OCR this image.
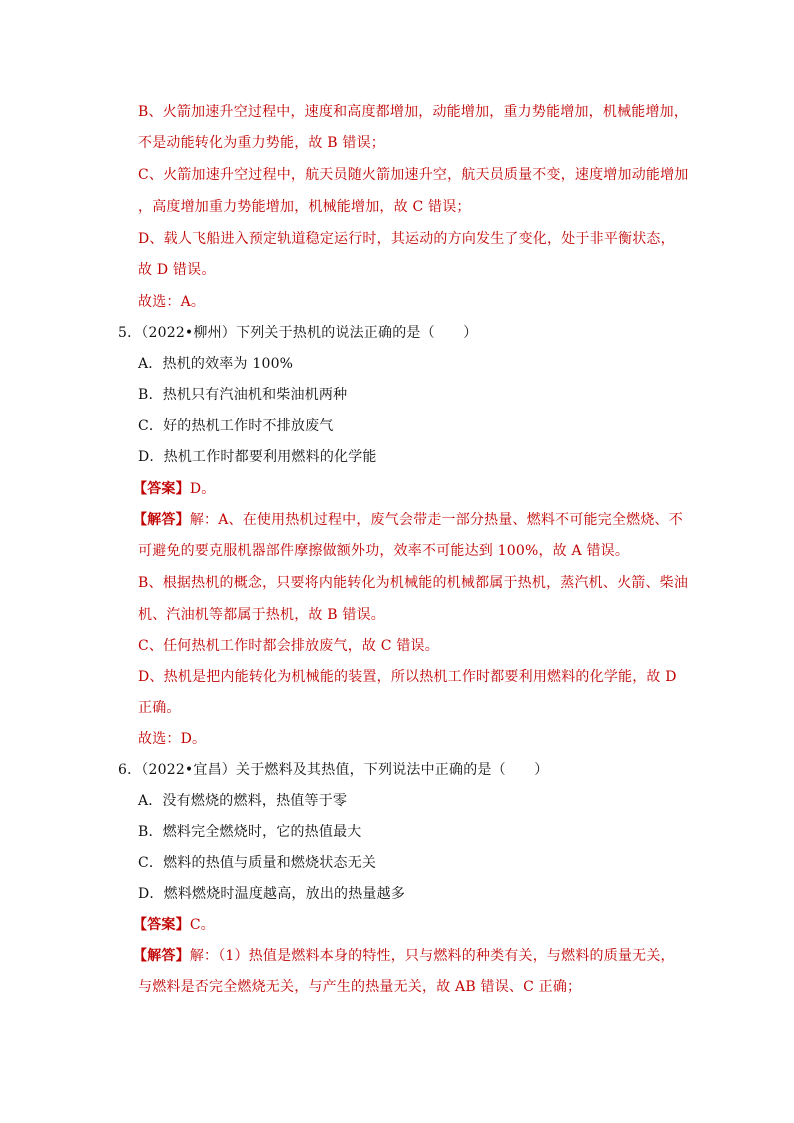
B、火箭加速升空过程中，速度和高度都增加，动能增加，重力势能增加，机械能增加，
不是动能转化为重力势能，故 B 错误；
C、火箭加速升空过程中，航天员随火箭加速升空，航天员质量不变，速度增加动能增加
，高度增加重力势能增加，机械能增加，故 C 错误；
D、载人飞船进入预定轨道稳定运行时，其运动的方向发生了变化，处于非平衡状态，
故 D 错误。
故选：A。
5．（2022•柳州）下列关于热机的说法正确的是（　　）
A．热机的效率为 100%
B．热机只有汽油机和柴油机两种
C．好的热机工作时不排放废气
D．热机工作时都要利用燃料的化学能
【答案】D。
【解答】解：A、在使用热机过程中，废气会带走一部分热量、燃料不可能完全燃烧、不
可避免的要克服机器部件摩擦做额外功，效率不可能达到 100%，故 A 错误。
B、根据热机的概念，只要将内能转化为机械能的机械都属于热机，蒸汽机、火箭、柴油
机、汽油机等都属于热机，故 B 错误。
C、任何热机工作时都会排放废气，故 C 错误。
D、热机是把内能转化为机械能的装置，所以热机工作时都要利用燃料的化学能，故 D
正确。
故选：D。
6．（2022•宜昌）关于燃料及其热值，下列说法中正确的是（　　）
A．没有燃烧的燃料，热值等于零
B．燃料完全燃烧时，它的热值最大
C．燃料的热值与质量和燃烧状态无关
D．燃料燃烧时温度越高，放出的热量越多
【答案】C。
【解答】解：（1）热值是燃料本身的特性，只与燃料的种类有关，与燃料的质量无关，
与燃料是否完全燃烧无关，与产生的热量无关，故 AB 错误、C 正确；
